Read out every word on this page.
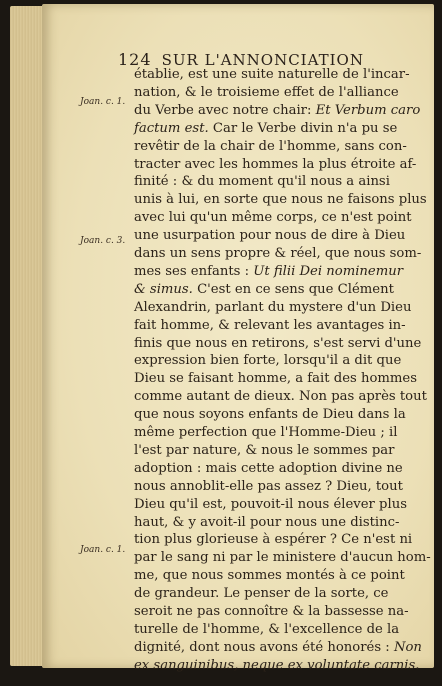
124 SUR L'ANNONCIATION
Joan. c. 1.
Joan. c. 3.
Joan. c. 1.
établie, est une suite naturelle de l'incar-
nation, & le troisieme effet de l'alliance
du Verbe avec notre chair: Et Verbum caro
factum est. Car le Verbe divin n'a pu se
revêtir de la chair de l'homme, sans con-
tracter avec les hommes la plus étroite af-
finité : & du moment qu'il nous a ainsi
unis à lui, en sorte que nous ne faisons plus
avec lui qu'un même corps, ce n'est point
une usurpation pour nous de dire à Dieu
dans un sens propre & réel, que nous som-
mes ses enfants : Ut filii Dei nominemur
& simus. C'est en ce sens que Clément
Alexandrin, parlant du mystere d'un Dieu
fait homme, & relevant les avantages in-
finis que nous en retirons, s'est servi d'une
expression bien forte, lorsqu'il a dit que
Dieu se faisant homme, a fait des hommes
comme autant de dieux. Non pas après tout
que nous soyons enfants de Dieu dans la
même perfection que l'Homme-Dieu ; il
l'est par nature, & nous le sommes par
adoption : mais cette adoption divine ne
nous annoblit-elle pas assez ? Dieu, tout
Dieu qu'il est, pouvoit-il nous élever plus
haut, & y avoit-il pour nous une distinc-
tion plus glorieuse à espérer ? Ce n'est ni
par le sang ni par le ministere d'aucun hom-
me, que nous sommes montés à ce point
de grandeur. Le penser de la sorte, ce
seroit ne pas connoître & la bassesse na-
turelle de l'homme, & l'excellence de la
dignité, dont nous avons été honorés : Non
ex sanguinibus, neque ex voluntate carnis.
